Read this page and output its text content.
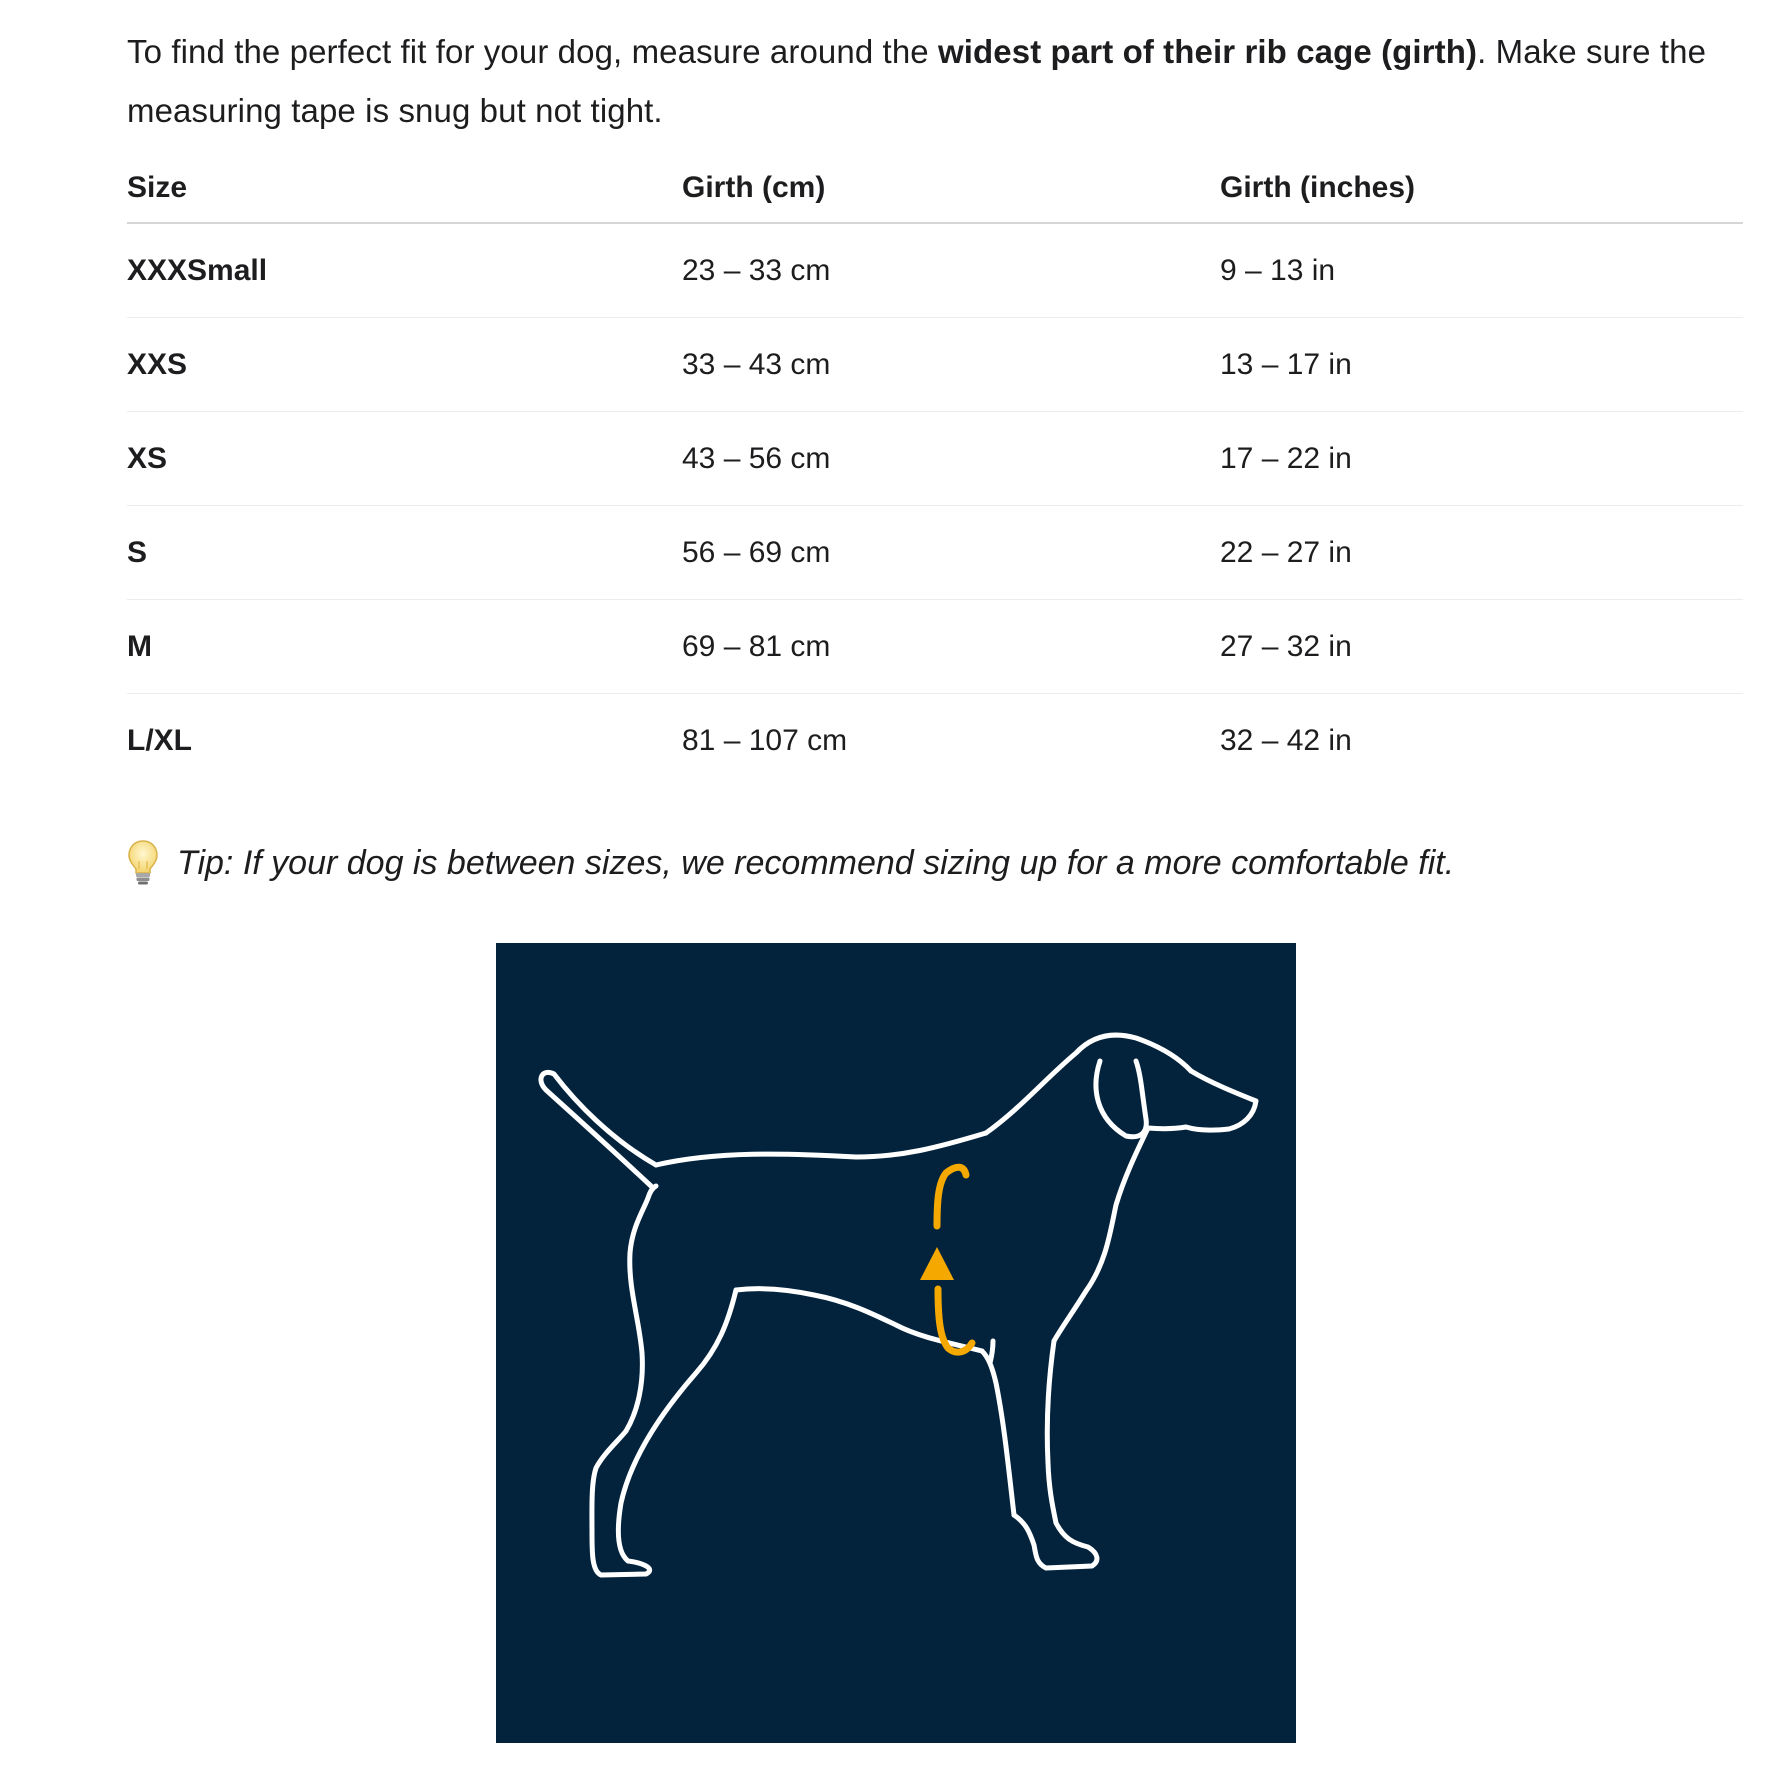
To find the perfect fit for your dog, measure around the widest part of their rib cage (girth). Make sure the measuring tape is snug but not tight.

Size	Girth (cm)	Girth (inches)
XXXSmall	23 – 33 cm	9 – 13 in
XXS	33 – 43 cm	13 – 17 in
XS	43 – 56 cm	17 – 22 in
S	56 – 69 cm	22 – 27 in
M	69 – 81 cm	27 – 32 in
L/XL	81 – 107 cm	32 – 42 in
Tip: If your dog is between sizes, we recommend sizing up for a more comfortable fit.
